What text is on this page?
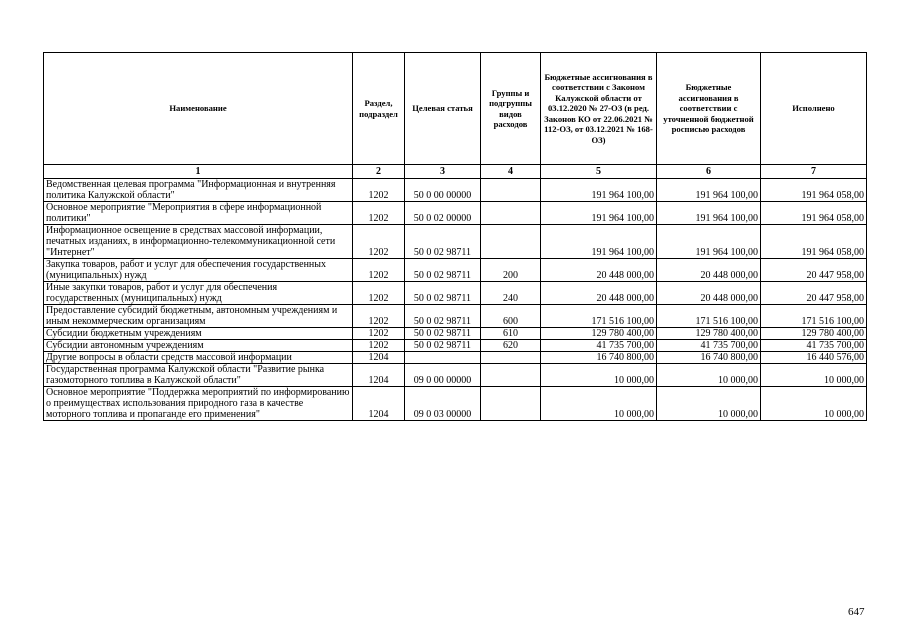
Наименование	Раздел, подраздел	Целевая статья	Группы и подгруппы видов расходов	Бюджетные ассигнования в соответствии с Законом Калужской области от 03.12.2020 № 27-ОЗ (в ред. Законов КО от 22.06.2021 № 112-ОЗ, от 03.12.2021 № 168-ОЗ)	Бюджетные ассигнования в соответствии с уточненной бюджетной росписью расходов	Исполнено
1	2	3	4	5	6	7
Ведомственная целевая программа "Информационная и внутренняя политика Калужской области"	1202	50 0 00 00000		191 964 100,00	191 964 100,00	191 964 058,00
Основное мероприятие "Мероприятия в сфере информационной политики"	1202	50 0 02 00000		191 964 100,00	191 964 100,00	191 964 058,00
Информационное освещение в средствах массовой информации, печатных изданиях, в информационно-телекоммуникационной сети "Интернет"	1202	50 0 02 98711		191 964 100,00	191 964 100,00	191 964 058,00
Закупка товаров, работ и услуг для обеспечения государственных (муниципальных) нужд	1202	50 0 02 98711	200	20 448 000,00	20 448 000,00	20 447 958,00
Иные закупки товаров, работ и услуг для обеспечения государственных (муниципальных) нужд	1202	50 0 02 98711	240	20 448 000,00	20 448 000,00	20 447 958,00
Предоставление субсидий бюджетным, автономным учреждениям и иным некоммерческим организациям	1202	50 0 02 98711	600	171 516 100,00	171 516 100,00	171 516 100,00
Субсидии бюджетным учреждениям	1202	50 0 02 98711	610	129 780 400,00	129 780 400,00	129 780 400,00
Субсидии автономным учреждениям	1202	50 0 02 98711	620	41 735 700,00	41 735 700,00	41 735 700,00
Другие вопросы в области средств массовой информации	1204			16 740 800,00	16 740 800,00	16 440 576,00
Государственная программа Калужской области "Развитие рынка газомоторного топлива в Калужской области"	1204	09 0 00 00000		10 000,00	10 000,00	10 000,00
Основное мероприятие "Поддержка мероприятий по информированию о преимуществах использования природного газа в качестве моторного топлива и пропаганде его применения"	1204	09 0 03 00000		10 000,00	10 000,00	10 000,00
647
